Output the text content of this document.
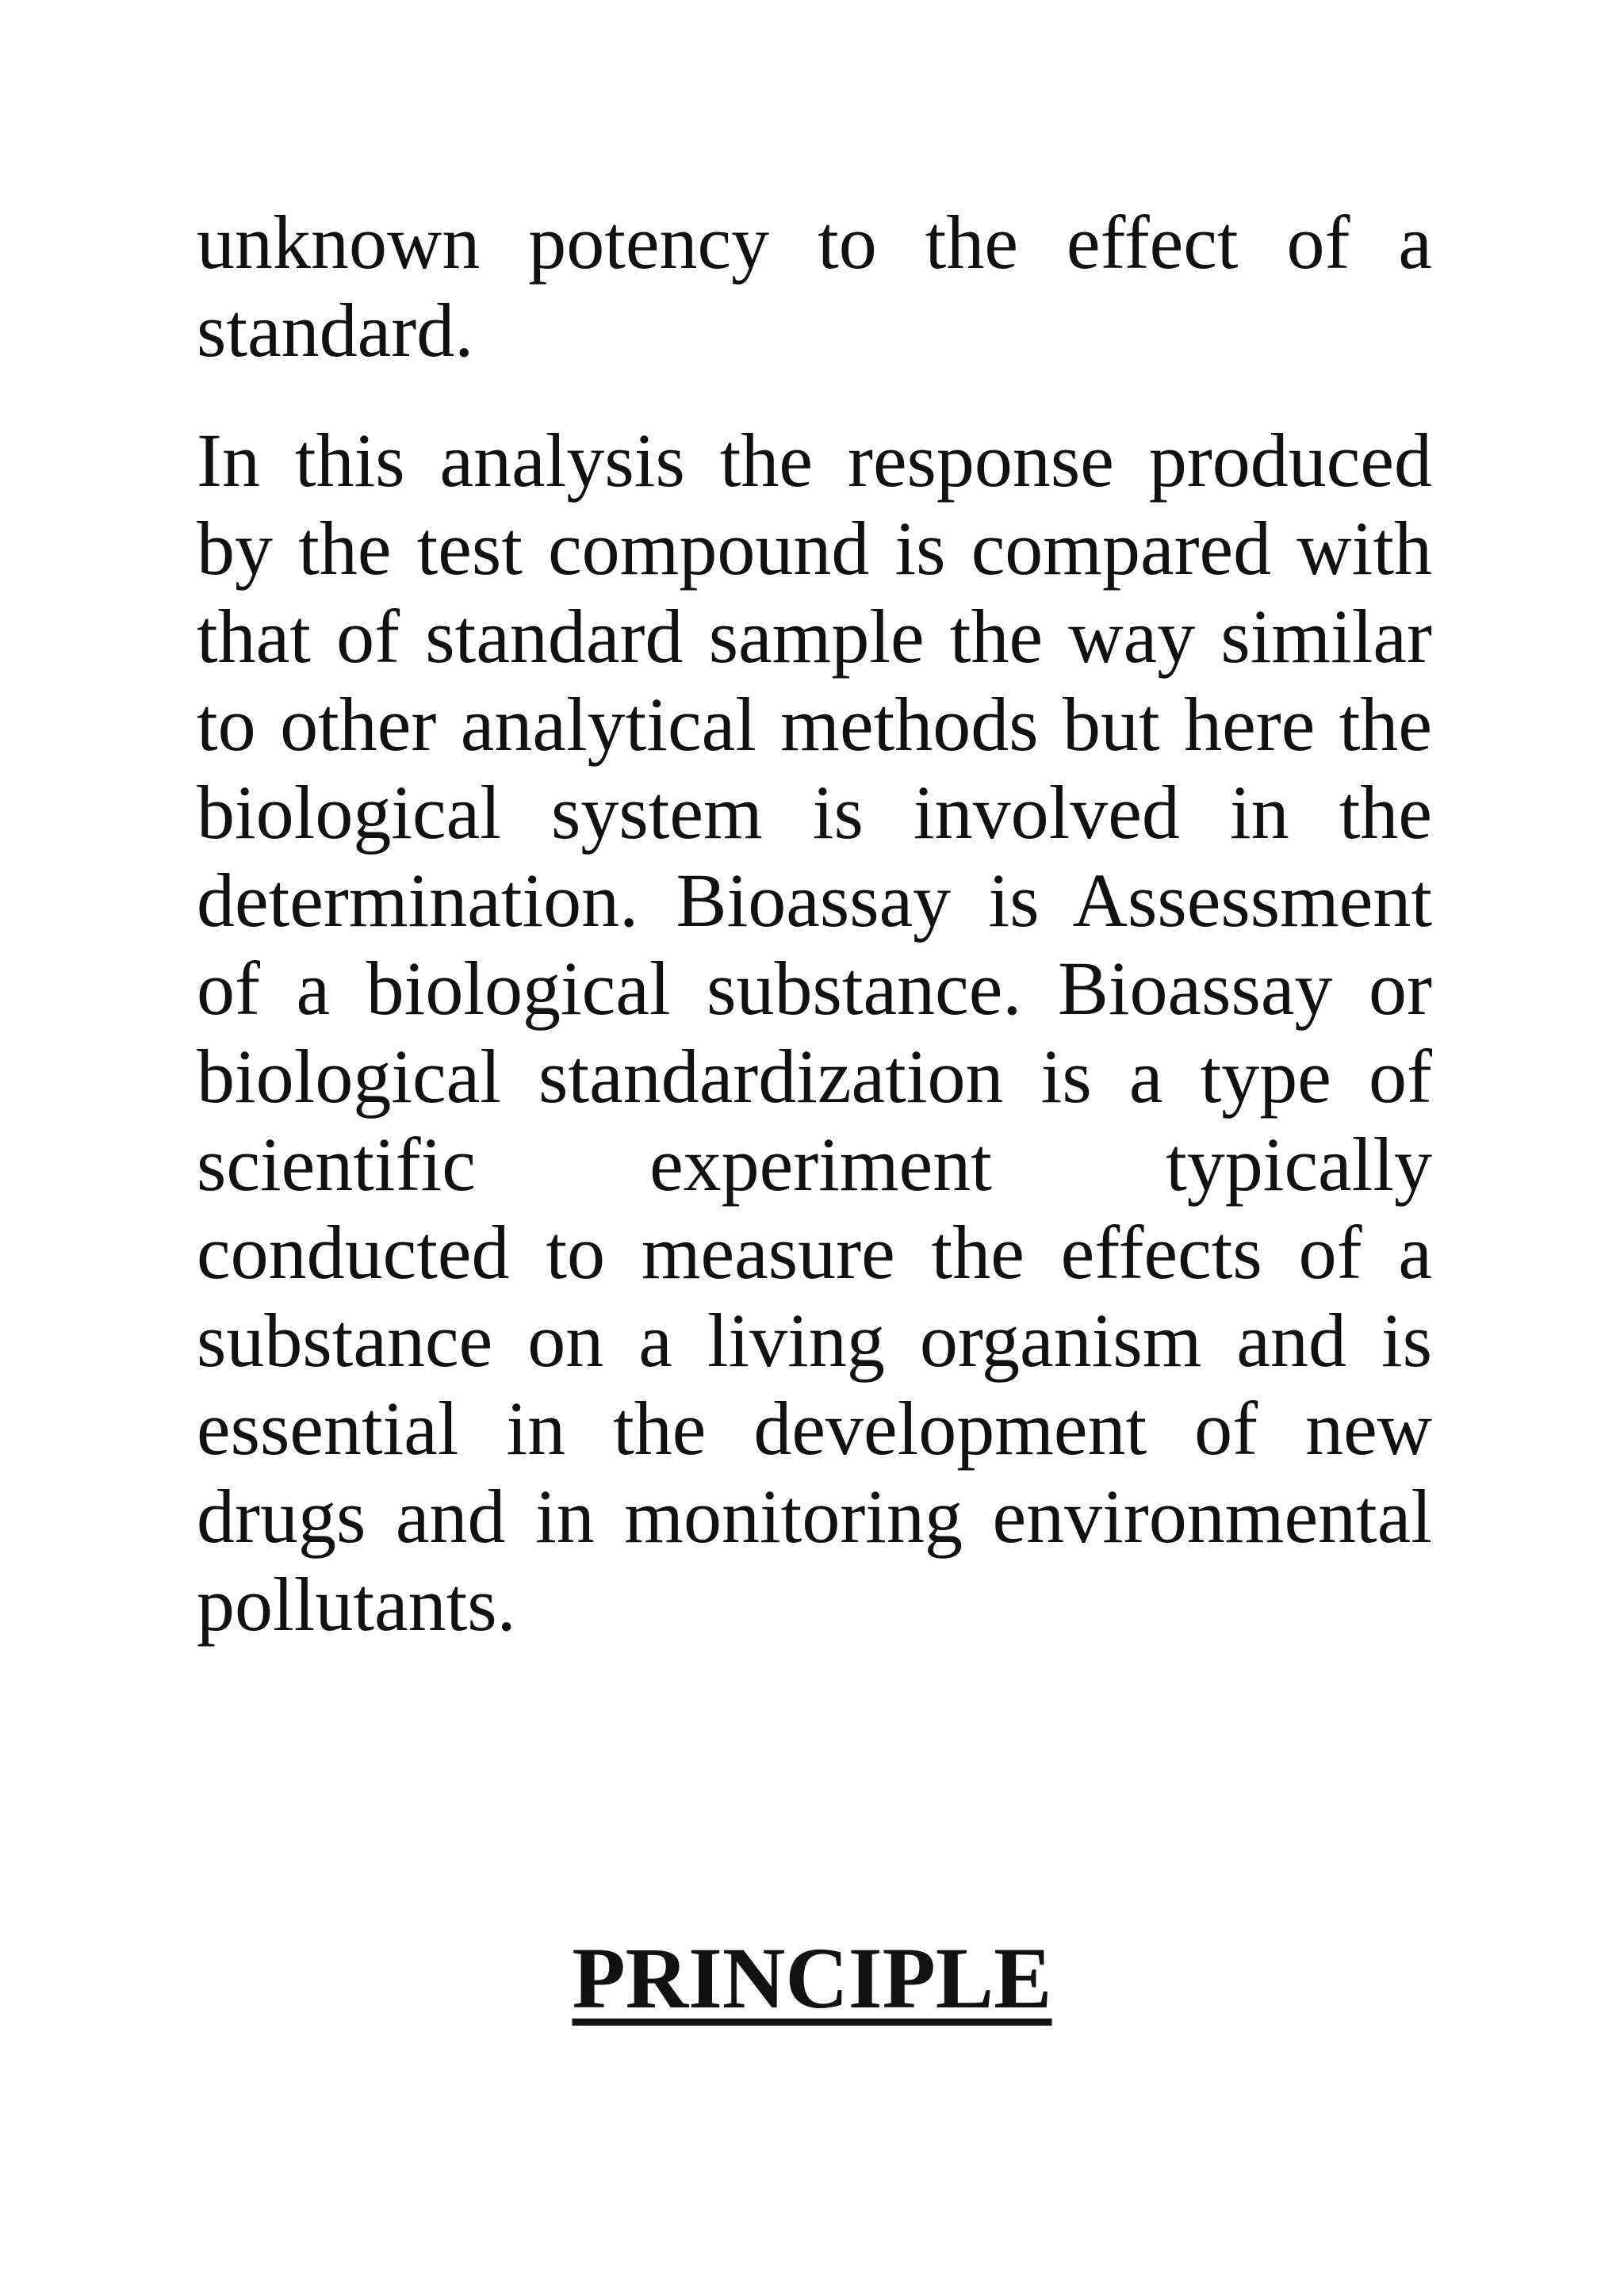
unknown potency to the effect of a
standard.
In this analysis the response produced
by the test compound is compared with
that of standard sample the way similar
to other analytical methods but here the
biological system is involved in the
determination. Bioassay is Assessment
of a biological substance. Bioassay or
biological standardization is a type of
scientific experiment typically
conducted to measure the effects of a
substance on a living organism and is
essential in the development of new
drugs and in monitoring environmental
pollutants.
PRINCIPLE
